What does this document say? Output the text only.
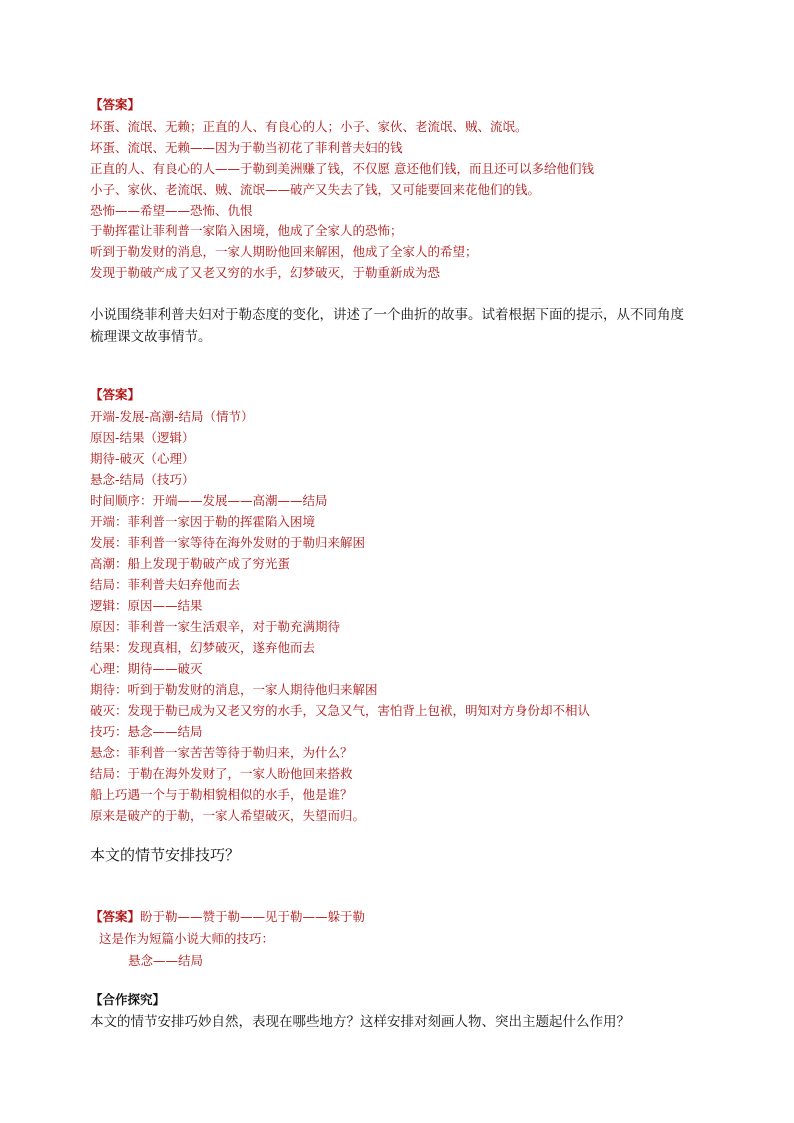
【答案】
坏蛋、流氓、无赖；正直的人、有良心的人；小子、家伙、老流氓、贼、流氓。
坏蛋、流氓、无赖——因为于勒当初花了菲利普夫妇的钱
正直的人、有良心的人——于勒到美洲赚了钱，不仅愿 意还他们钱，而且还可以多给他们钱
小子、家伙、老流氓、贼、流氓——破产又失去了钱，又可能要回来花他们的钱。
恐怖——希望——恐怖、仇恨
于勒挥霍让菲利普一家陷入困境，他成了全家人的恐怖；
听到于勒发财的消息，一家人期盼他回来解困，他成了全家人的希望；
发现于勒破产成了又老又穷的水手，幻梦破灭，于勒重新成为恐
小说围绕菲利普夫妇对于勒态度的变化，讲述了一个曲折的故事。试着根据下面的提示，从不同角度
梳理课文故事情节。
【答案】
开端-发展-高潮-结局（情节）
原因-结果（逻辑）
期待-破灭（心理）
悬念-结局（技巧）
时间顺序：开端——发展——高潮——结局
开端：菲利普一家因于勒的挥霍陷入困境
发展：菲利普一家等待在海外发财的于勒归来解困
高潮：船上发现于勒破产成了穷光蛋
结局：菲利普夫妇弃他而去
逻辑：原因——结果
原因：菲利普一家生活艰辛，对于勒充满期待
结果：发现真相，幻梦破灭，遂弃他而去
心理：期待——破灭
期待：听到于勒发财的消息，一家人期待他归来解困
破灭：发现于勒已成为又老又穷的水手，又急又气，害怕背上包袱，明知对方身份却不相认
技巧：悬念——结局
悬念：菲利普一家苦苦等待于勒归来，为什么？
结局：于勒在海外发财了，一家人盼他回来搭救
船上巧遇一个与于勒相貌相似的水手，他是谁？
原来是破产的于勒，一家人希望破灭，失望而归。
本文的情节安排技巧？
【答案】盼于勒——赞于勒——见于勒——躲于勒
这是作为短篇小说大师的技巧：
悬念——结局
【合作探究】
本文的情节安排巧妙自然，表现在哪些地方？这样安排对刻画人物、突出主题起什么作用？
